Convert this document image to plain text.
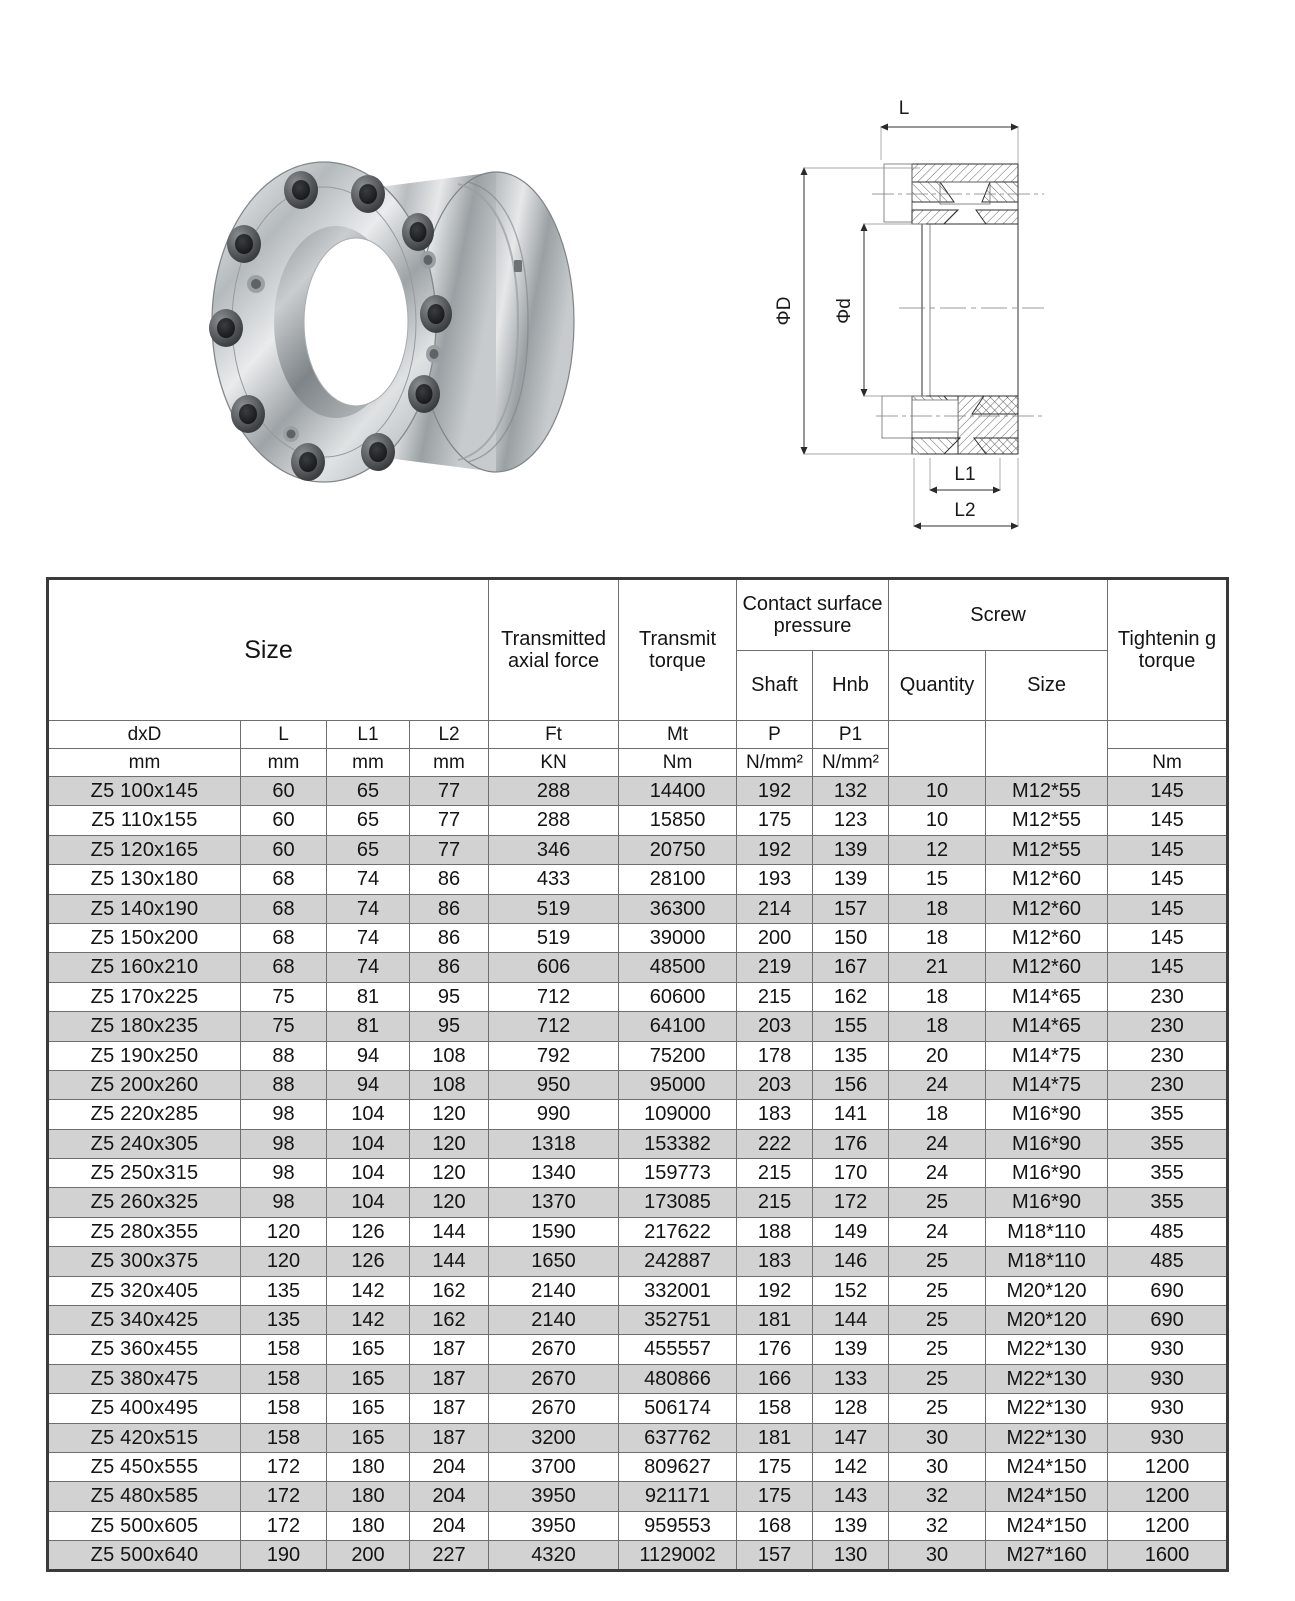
L
ΦD Φd
L1
L2
Size				Transmitted axial force	Transmit torque	Contact surface pressure		Screw		Tightenin g torque
						Shaft	Hnb	Quantity	Size	
dxD	L	L1	L2	Ft	Mt	P	P1			
mm	mm	mm	mm	KN	Nm	N/mm²	N/mm²			Nm
Z5 100x145	60	65	77	288	14400	192	132	10	M12*55	145
Z5 110x155	60	65	77	288	15850	175	123	10	M12*55	145
Z5 120x165	60	65	77	346	20750	192	139	12	M12*55	145
Z5 130x180	68	74	86	433	28100	193	139	15	M12*60	145
Z5 140x190	68	74	86	519	36300	214	157	18	M12*60	145
Z5 150x200	68	74	86	519	39000	200	150	18	M12*60	145
Z5 160x210	68	74	86	606	48500	219	167	21	M12*60	145
Z5 170x225	75	81	95	712	60600	215	162	18	M14*65	230
Z5 180x235	75	81	95	712	64100	203	155	18	M14*65	230
Z5 190x250	88	94	108	792	75200	178	135	20	M14*75	230
Z5 200x260	88	94	108	950	95000	203	156	24	M14*75	230
Z5 220x285	98	104	120	990	109000	183	141	18	M16*90	355
Z5 240x305	98	104	120	1318	153382	222	176	24	M16*90	355
Z5 250x315	98	104	120	1340	159773	215	170	24	M16*90	355
Z5 260x325	98	104	120	1370	173085	215	172	25	M16*90	355
Z5 280x355	120	126	144	1590	217622	188	149	24	M18*110	485
Z5 300x375	120	126	144	1650	242887	183	146	25	M18*110	485
Z5 320x405	135	142	162	2140	332001	192	152	25	M20*120	690
Z5 340x425	135	142	162	2140	352751	181	144	25	M20*120	690
Z5 360x455	158	165	187	2670	455557	176	139	25	M22*130	930
Z5 380x475	158	165	187	2670	480866	166	133	25	M22*130	930
Z5 400x495	158	165	187	2670	506174	158	128	25	M22*130	930
Z5 420x515	158	165	187	3200	637762	181	147	30	M22*130	930
Z5 450x555	172	180	204	3700	809627	175	142	30	M24*150	1200
Z5 480x585	172	180	204	3950	921171	175	143	32	M24*150	1200
Z5 500x605	172	180	204	3950	959553	168	139	32	M24*150	1200
Z5 500x640	190	200	227	4320	1129002	157	130	30	M27*160	1600
